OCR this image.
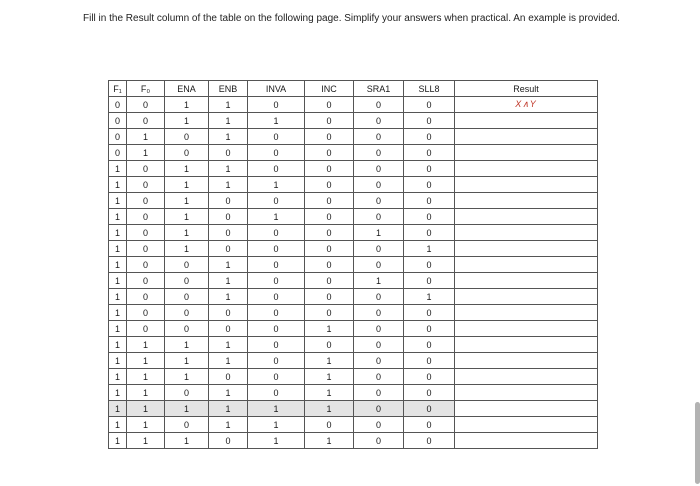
Fill in the Result column of the table on the following page. Simplify your answers when practical. An example is provided.
F₁	F₀	ENA	ENB	INVA	INC	SRA1	SLL8	Result
0	0	1	1	0	0	0	0	X∧Y
0	0	1	1	1	0	0	0	
0	1	0	1	0	0	0	0	
0	1	0	0	0	0	0	0	
1	0	1	1	0	0	0	0	
1	0	1	1	1	0	0	0	
1	0	1	0	0	0	0	0	
1	0	1	0	1	0	0	0	
1	0	1	0	0	0	1	0	
1	0	1	0	0	0	0	1	
1	0	0	1	0	0	0	0	
1	0	0	1	0	0	1	0	
1	0	0	1	0	0	0	1	
1	0	0	0	0	0	0	0	
1	0	0	0	0	1	0	0	
1	1	1	1	0	0	0	0	
1	1	1	1	0	1	0	0	
1	1	1	0	0	1	0	0	
1	1	0	1	0	1	0	0	
1	1	1	1	1	1	0	0	
1	1	0	1	1	0	0	0	
1	1	1	0	1	1	0	0	
